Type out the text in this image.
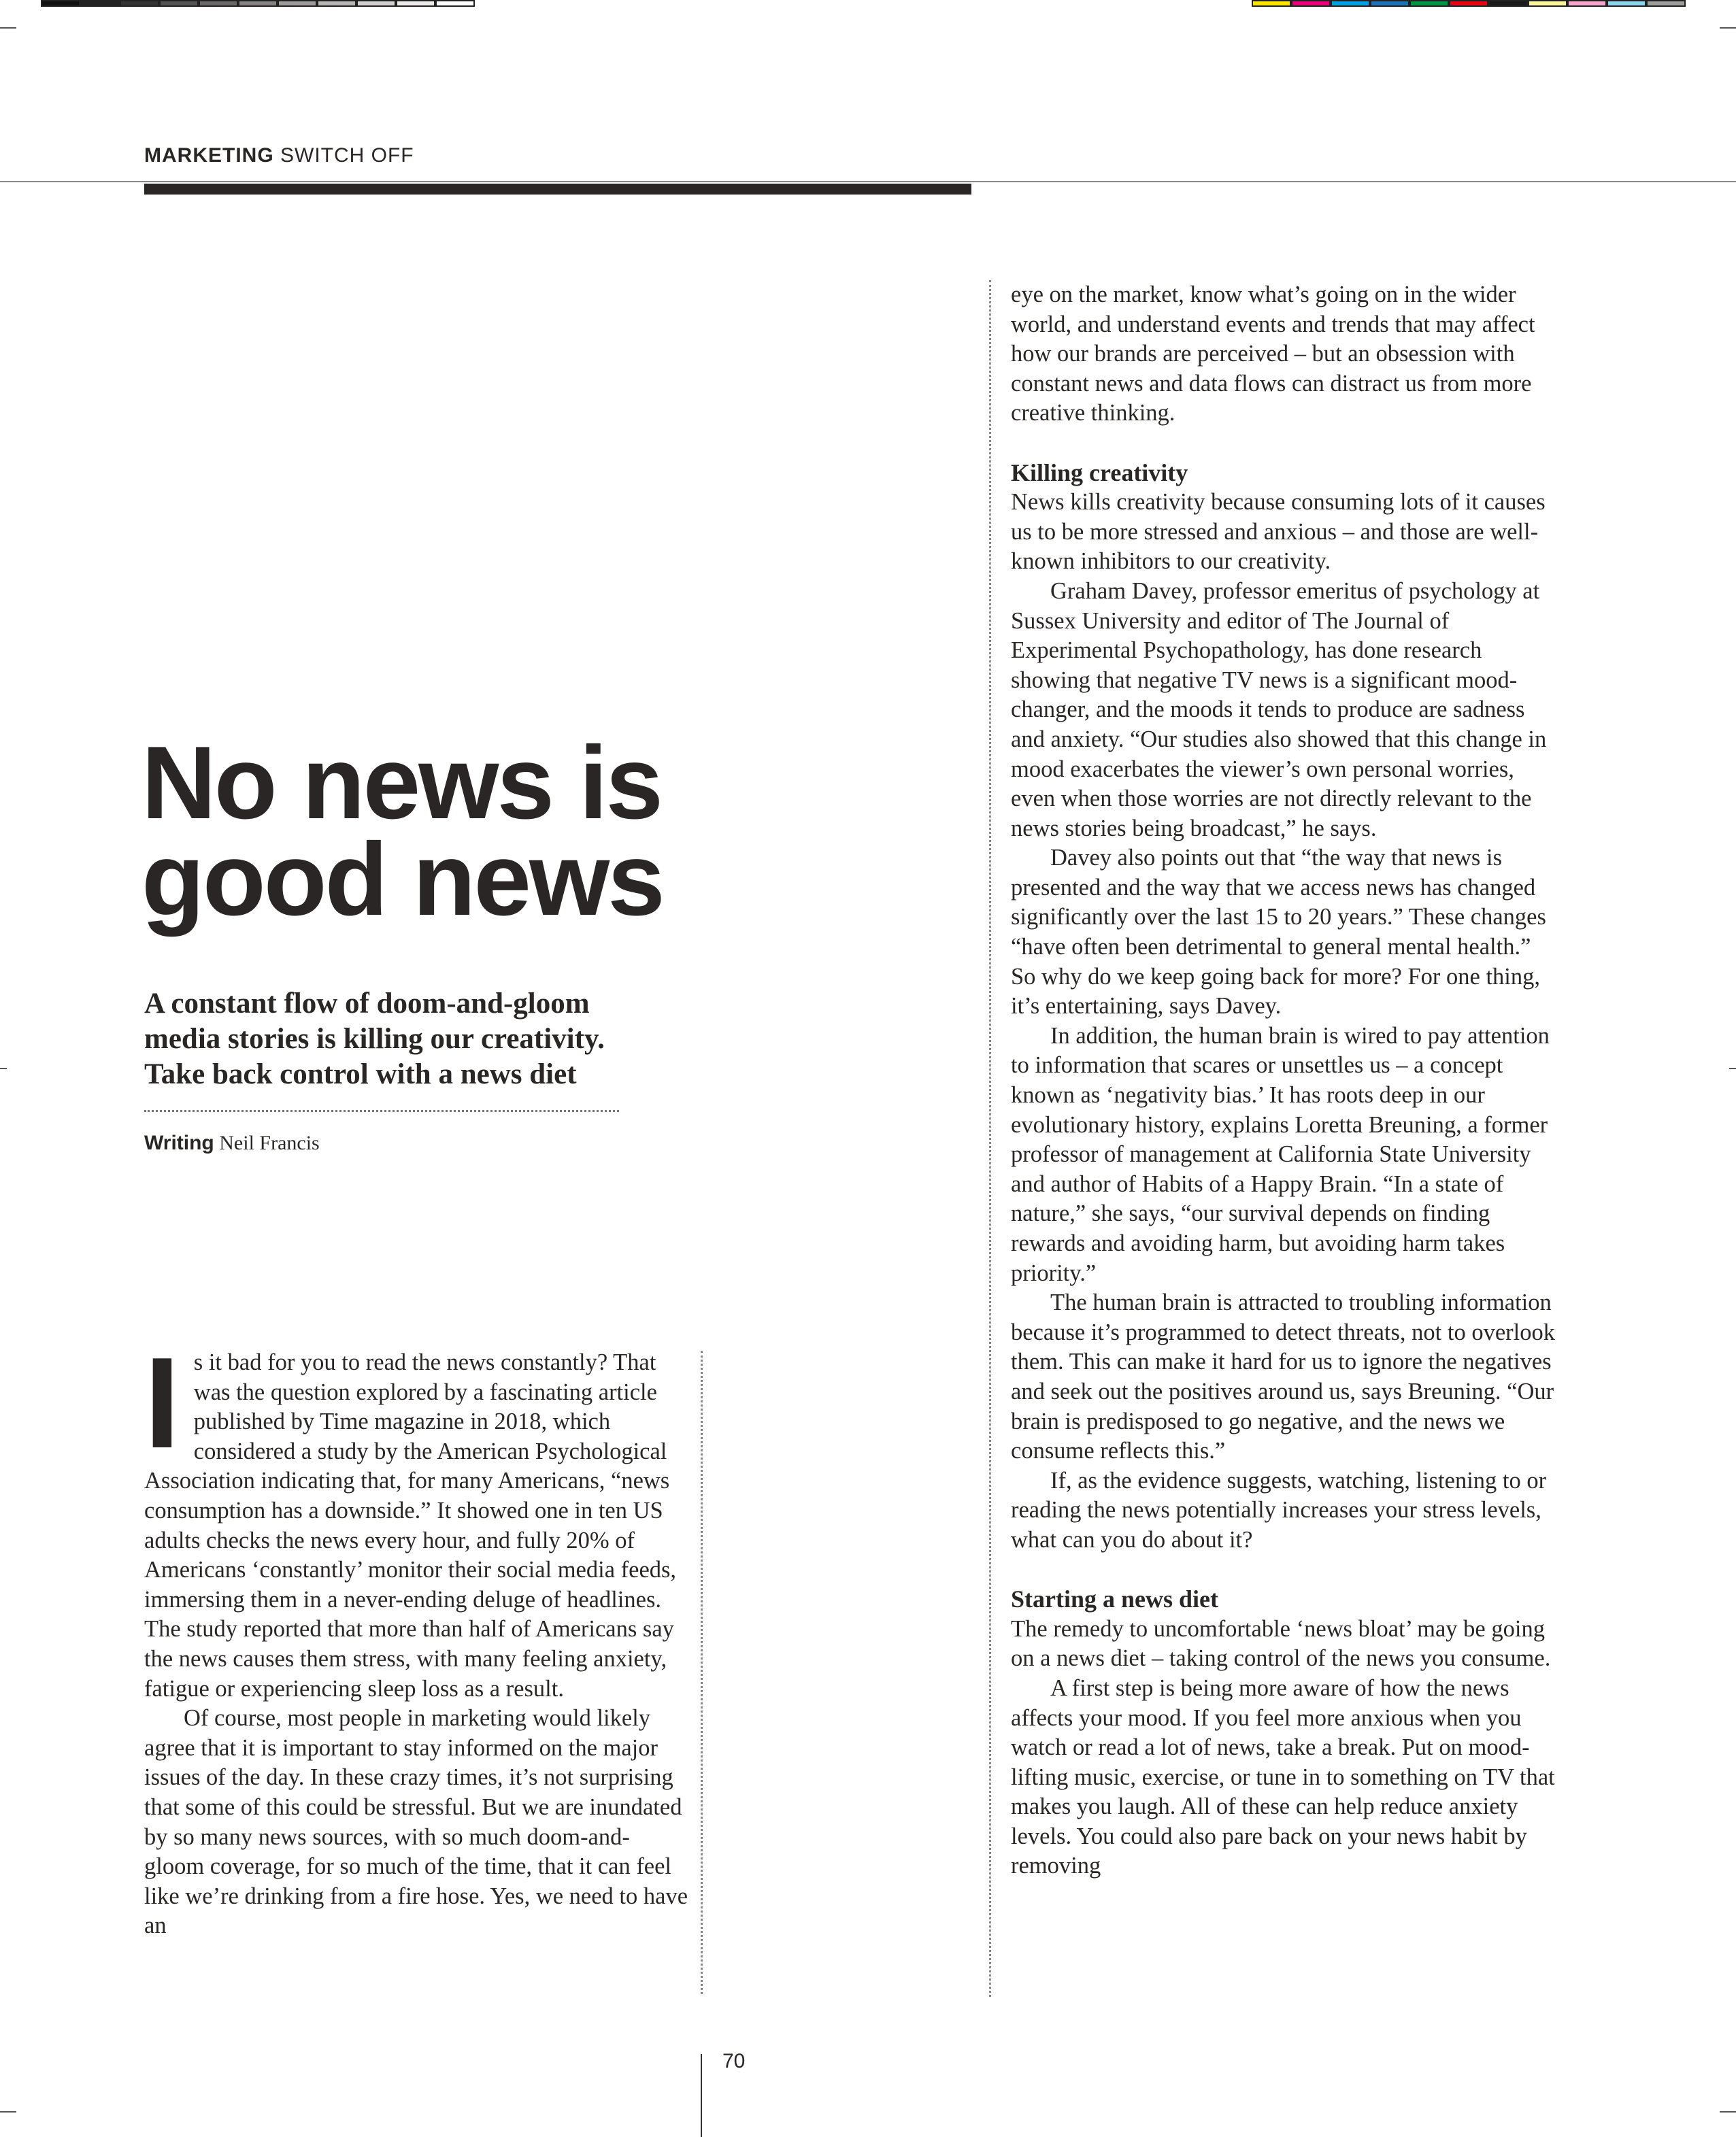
MARKETING SWITCH OFF
No news is good news

A constant flow of doom-and-gloom media stories is killing our creativity. Take back control with a news diet

Writing Neil Francis
I s it bad for you to read the news constantly? That was the question explored by a fascinating article published by Time magazine in 2018, which considered a study by the American Psychological Association indicating that, for many Americans, “news consumption has a downside.” It showed one in ten US adults checks the news every hour, and fully 20% of Americans ‘constantly’ monitor their social media feeds, immersing them in a never-ending deluge of headlines. The study reported that more than half of Americans say the news causes them stress, with many feeling anxiety, fatigue or experiencing sleep loss as a result.

Of course, most people in marketing would likely agree that it is important to stay informed on the major issues of the day. In these crazy times, it’s not surprising that some of this could be stressful. But we are inundated by so many news sources, with so much doom-and-gloom coverage, for so much of the time, that it can feel like we’re drinking from a fire hose. Yes, we need to have an

eye on the market, know what’s going on in the wider world, and understand events and trends that may affect how our brands are perceived – but an obsession with constant news and data flows can distract us from more creative thinking.

Killing creativity

News kills creativity because consuming lots of it causes us to be more stressed and anxious – and those are well-known inhibitors to our creativity.

Graham Davey, professor emeritus of psychology at Sussex University and editor of The Journal of Experimental Psychopathology, has done research showing that negative TV news is a significant mood-changer, and the moods it tends to produce are sadness and anxiety. “Our studies also showed that this change in mood exacerbates the viewer’s own personal worries, even when those worries are not directly relevant to the news stories being broadcast,” he says.

Davey also points out that “the way that news is presented and the way that we access news has changed significantly over the last 15 to 20 years.” These changes “have often been detrimental to general mental health.” So why do we keep going back for more? For one thing, it’s entertaining, says Davey.

In addition, the human brain is wired to pay attention to information that scares or unsettles us – a concept known as ‘negativity bias.’ It has roots deep in our evolutionary history, explains Loretta Breuning, a former professor of management at California State University and author of Habits of a Happy Brain. “In a state of nature,” she says, “our survival depends on finding rewards and avoiding harm, but avoiding harm takes priority.”

The human brain is attracted to troubling information because it’s programmed to detect threats, not to overlook them. This can make it hard for us to ignore the negatives and seek out the positives around us, says Breuning. “Our brain is predisposed to go negative, and the news we consume reflects this.”

If, as the evidence suggests, watching, listening to or reading the news potentially increases your stress levels, what can you do about it?

Starting a news diet

The remedy to uncomfortable ‘news bloat’ may be going on a news diet – taking control of the news you consume.

A first step is being more aware of how the news affects your mood. If you feel more anxious when you watch or read a lot of news, take a break. Put on mood-lifting music, exercise, or tune in to something on TV that makes you laugh. All of these can help reduce anxiety levels. You could also pare back on your news habit by removing

70
